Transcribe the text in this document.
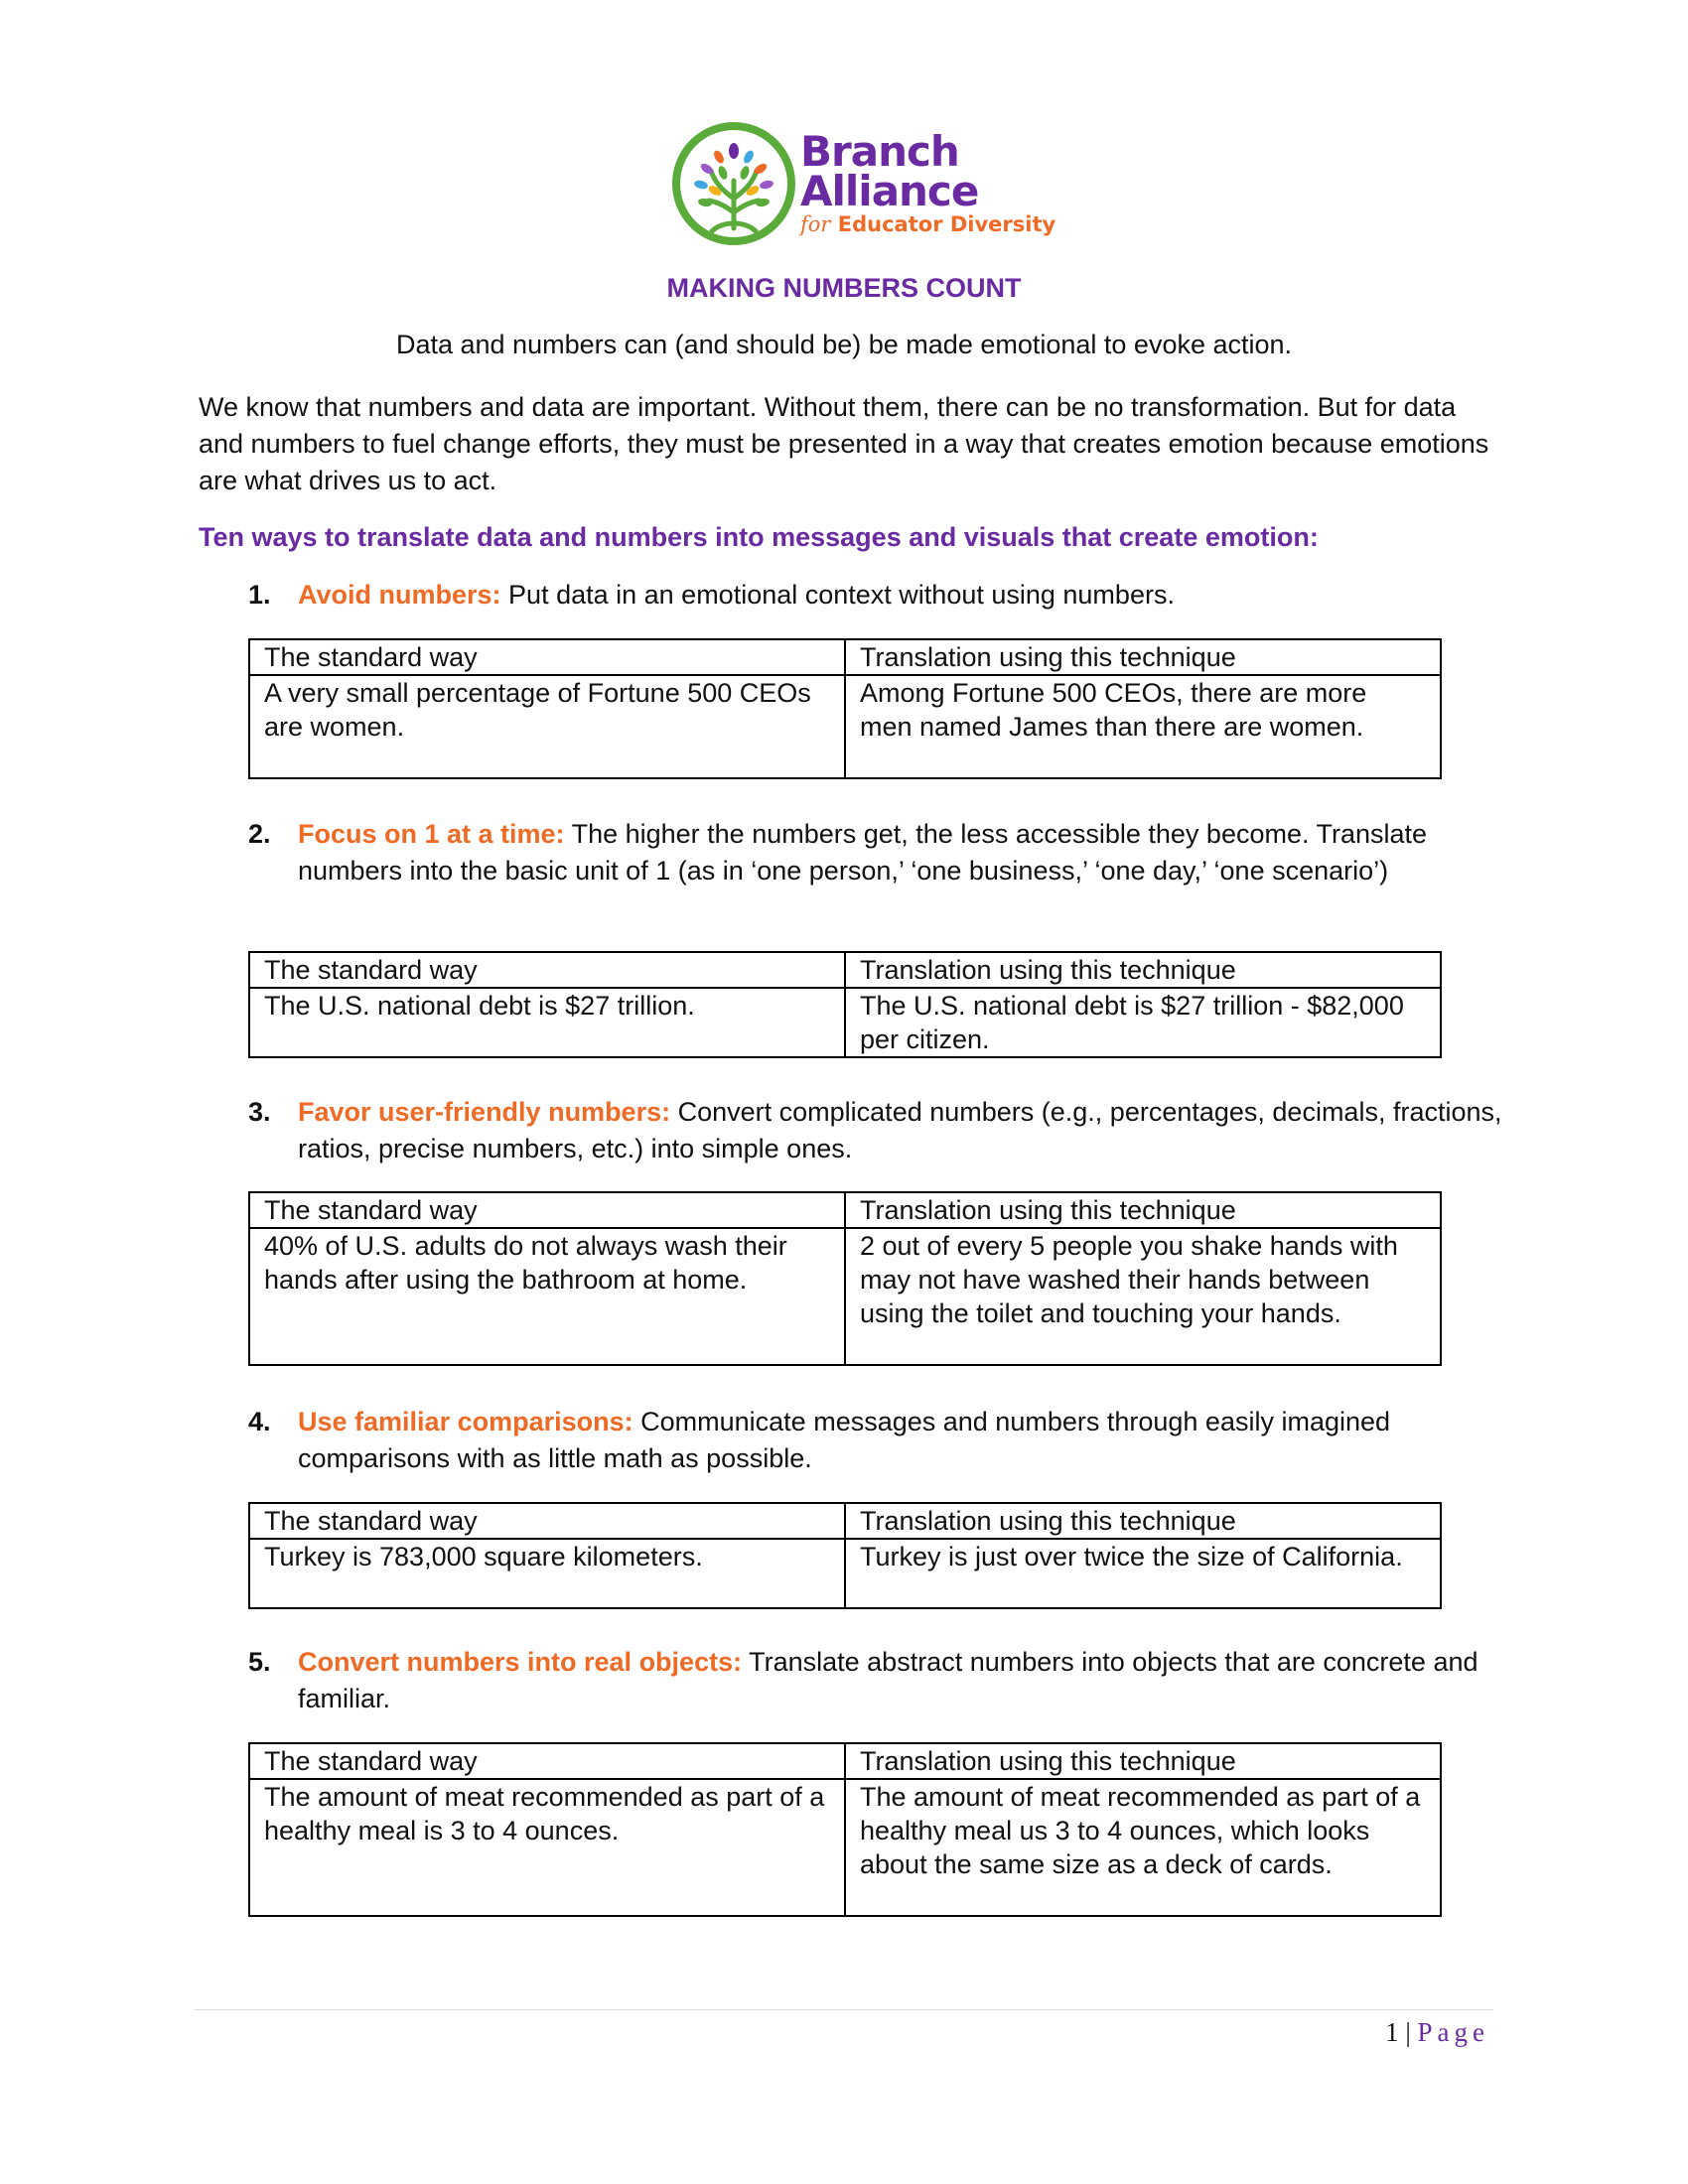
Branch
Alliance
for Educator Diversity
MAKING NUMBERS COUNT
Data and numbers can (and should be) be made emotional to evoke action.
We know that numbers and data are important. Without them, there can be no transformation. But for data and numbers to fuel change efforts, they must be presented in a way that creates emotion because emotions are what drives us to act.
Ten ways to translate data and numbers into messages and visuals that create emotion:
1. Avoid numbers: Put data in an emotional context without using numbers.
The standard way	Translation using this technique
A very small percentage of Fortune 500 CEOs are women.	Among Fortune 500 CEOs, there are more men named James than there are women.
2. Focus on 1 at a time: The higher the numbers get, the less accessible they become. Translate numbers into the basic unit of 1 (as in ‘one person,’ ‘one business,’ ‘one day,’ ‘one scenario’)
The standard way	Translation using this technique
The U.S. national debt is $27 trillion.	The U.S. national debt is $27 trillion - $82,000 per citizen.
3. Favor user-friendly numbers: Convert complicated numbers (e.g., percentages, decimals, fractions, ratios, precise numbers, etc.) into simple ones.
The standard way	Translation using this technique
40% of U.S. adults do not always wash their hands after using the bathroom at home.	2 out of every 5 people you shake hands with may not have washed their hands between using the toilet and touching your hands.
4. Use familiar comparisons: Communicate messages and numbers through easily imagined comparisons with as little math as possible.
The standard way	Translation using this technique
Turkey is 783,000 square kilometers.	Turkey is just over twice the size of California.
5. Convert numbers into real objects: Translate abstract numbers into objects that are concrete and familiar.
The standard way	Translation using this technique
The amount of meat recommended as part of a healthy meal is 3 to 4 ounces.	The amount of meat recommended as part of a healthy meal us 3 to 4 ounces, which looks about the same size as a deck of cards.
1 | Page
